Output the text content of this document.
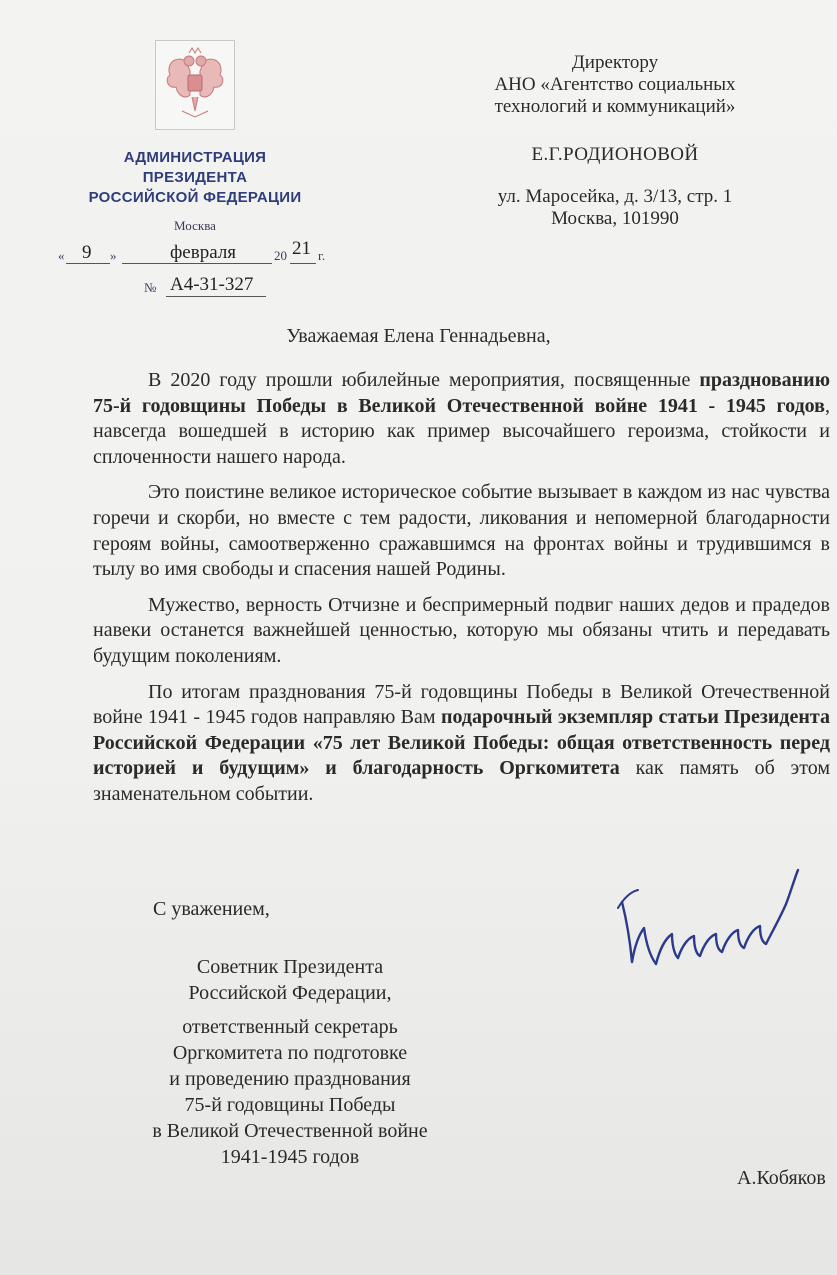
АДМИНИСТРАЦИЯ
ПРЕЗИДЕНТА
РОССИЙСКОЙ ФЕДЕРАЦИИ
Москва
« 9 »	февраля	20 21 г.
№ А4-31-327
Директору
АНО «Агентство социальных
технологий и коммуникаций»
Е.Г.РОДИОНОВОЙ
ул. Маросейка, д. 3/13, стр. 1
Москва, 101990
Уважаемая Елена Геннадьевна,

В 2020 году прошли юбилейные мероприятия, посвященные празднованию 75-й годовщины Победы в Великой Отечественной войне 1941 - 1945 годов, навсегда вошедшей в историю как пример высочайшего героизма, стойкости и сплоченности нашего народа.

Это поистине великое историческое событие вызывает в каждом из нас чувства горечи и скорби, но вместе с тем радости, ликования и непомерной благодарности героям войны, самоотверженно сражавшимся на фронтах войны и трудившимся в тылу во имя свободы и спасения нашей Родины.

Мужество, верность Отчизне и беспримерный подвиг наших дедов и прадедов навеки останется важнейшей ценностью, которую мы обязаны чтить и передавать будущим поколениям.

По итогам празднования 75-й годовщины Победы в Великой Отечественной войне 1941 - 1945 годов направляю Вам подарочный экземпляр статьи Президента Российской Федерации «75 лет Великой Победы: общая ответственность перед историей и будущим» и благодарность Оргкомитета как память об этом знаменательном событии.

С уважением,
Советник Президента
Российской Федерации,
ответственный секретарь
Оргкомитета по подготовке
и проведению празднования
75-й годовщины Победы
в Великой Отечественной войне
1941-1945 годов
А.Кобяков
